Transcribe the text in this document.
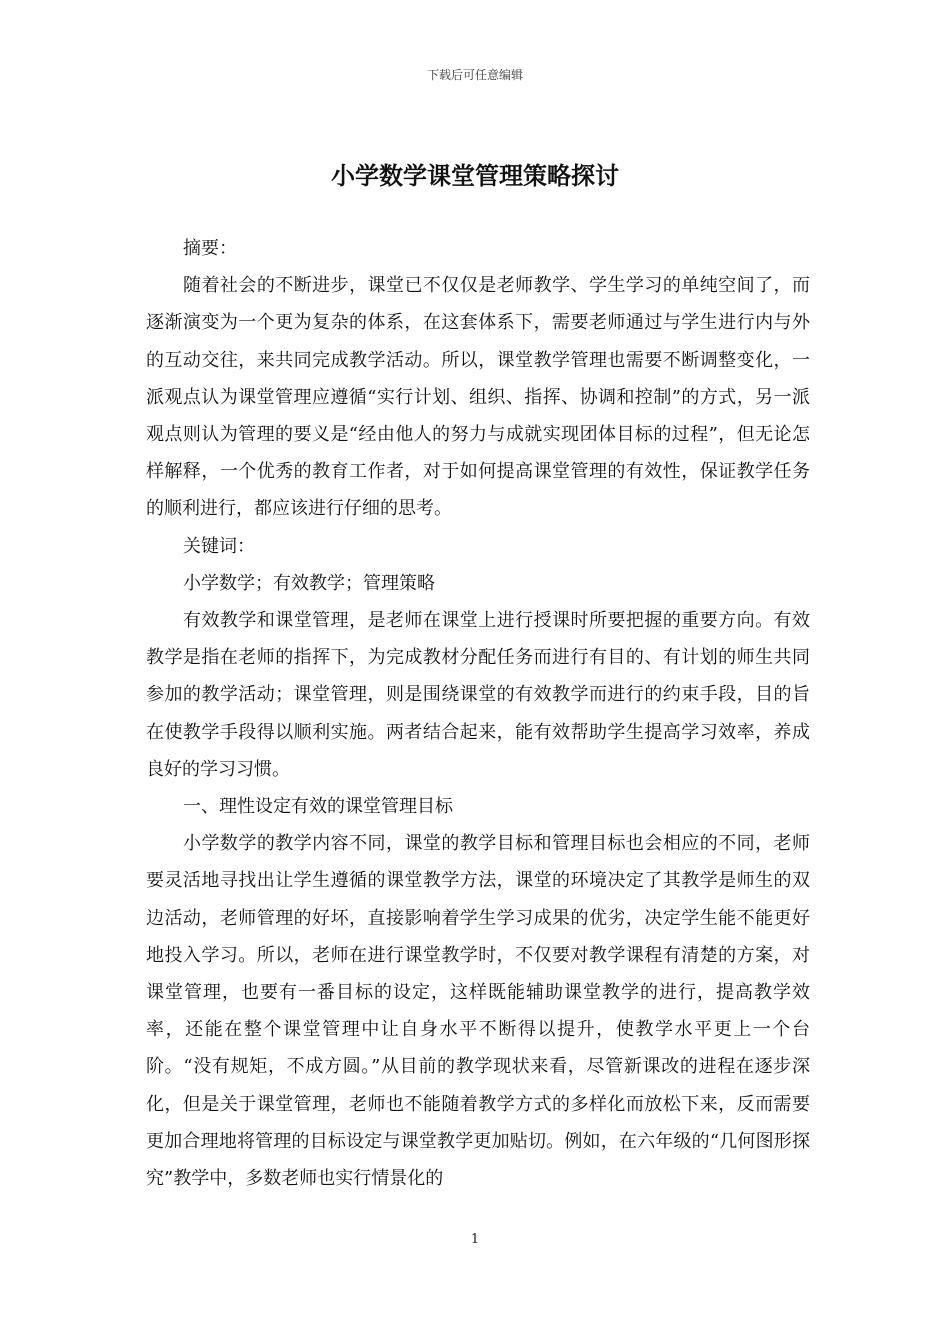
下载后可任意编辑
小学数学课堂管理策略探讨

摘要：

随着社会的不断进步，课堂已不仅仅是老师教学、学生学习的单纯空间了，而逐渐演变为一个更为复杂的体系，在这套体系下，需要老师通过与学生进行内与外的互动交往，来共同完成教学活动。所以，课堂教学管理也需要不断调整变化，一派观点认为课堂管理应遵循“实行计划、组织、指挥、协调和控制”的方式，另一派观点则认为管理的要义是“经由他人的努力与成就实现团体目标的过程”，但无论怎样解释，一个优秀的教育工作者，对于如何提高课堂管理的有效性，保证教学任务的顺利进行，都应该进行仔细的思考。

关键词：

小学数学；有效教学；管理策略

有效教学和课堂管理，是老师在课堂上进行授课时所要把握的重要方向。有效教学是指在老师的指挥下，为完成教材分配任务而进行有目的、有计划的师生共同参加的教学活动；课堂管理，则是围绕课堂的有效教学而进行的约束手段，目的旨在使教学手段得以顺利实施。两者结合起来，能有效帮助学生提高学习效率，养成良好的学习习惯。

一、理性设定有效的课堂管理目标

小学数学的教学内容不同，课堂的教学目标和管理目标也会相应的不同，老师要灵活地寻找出让学生遵循的课堂教学方法，课堂的环境决定了其教学是师生的双边活动，老师管理的好坏，直接影响着学生学习成果的优劣，决定学生能不能更好地投入学习。所以，老师在进行课堂教学时，不仅要对教学课程有清楚的方案，对课堂管理，也要有一番目标的设定，这样既能辅助课堂教学的进行，提高教学效率，还能在整个课堂管理中让自身水平不断得以提升，使教学水平更上一个台阶。“没有规矩，不成方圆。”从目前的教学现状来看，尽管新课改的进程在逐步深化，但是关于课堂管理，老师也不能随着教学方式的多样化而放松下来，反而需要更加合理地将管理的目标设定与课堂教学更加贴切。例如，在六年级的“几何图形探究”教学中，多数老师也实行情景化的

1
